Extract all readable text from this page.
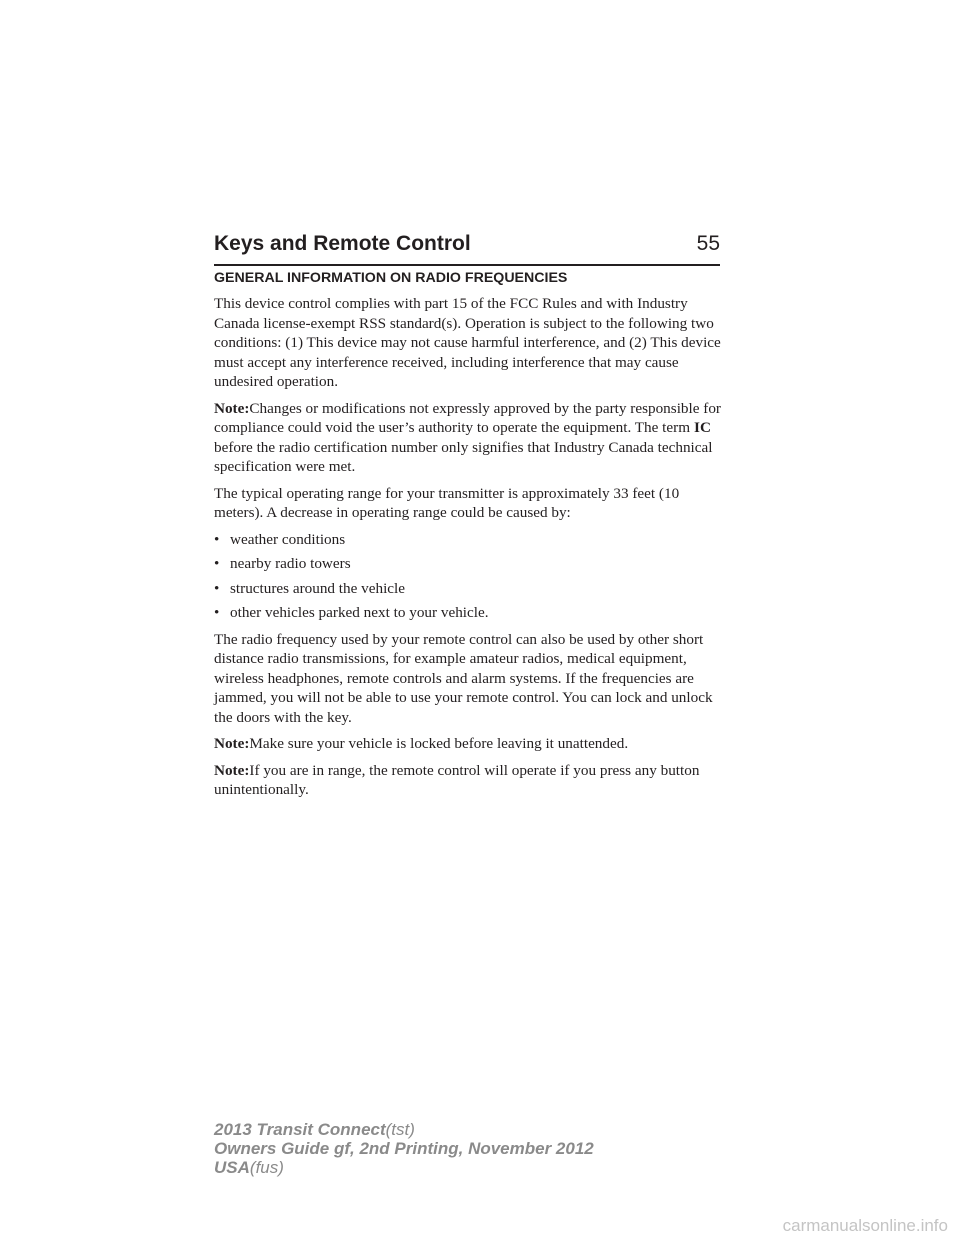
Keys and Remote Control	55
GENERAL INFORMATION ON RADIO FREQUENCIES

This device control complies with part 15 of the FCC Rules and with Industry Canada license-exempt RSS standard(s). Operation is subject to the following two conditions: (1) This device may not cause harmful interference, and (2) This device must accept any interference received, including interference that may cause undesired operation.

Note:Changes or modifications not expressly approved by the party responsible for compliance could void the user’s authority to operate the equipment. The term IC before the radio certification number only signifies that Industry Canada technical specification were met.

The typical operating range for your transmitter is approximately 33 feet (10 meters). A decrease in operating range could be caused by:

• weather conditions
• nearby radio towers
• structures around the vehicle
• other vehicles parked next to your vehicle.

The radio frequency used by your remote control can also be used by other short distance radio transmissions, for example amateur radios, medical equipment, wireless headphones, remote controls and alarm systems. If the frequencies are jammed, you will not be able to use your remote control. You can lock and unlock the doors with the key.

Note:Make sure your vehicle is locked before leaving it unattended.

Note:If you are in range, the remote control will operate if you press any button unintentionally.

2013 Transit Connect(tst)
Owners Guide gf, 2nd Printing, November 2012
USA(fus)
carmanualsonline.info
